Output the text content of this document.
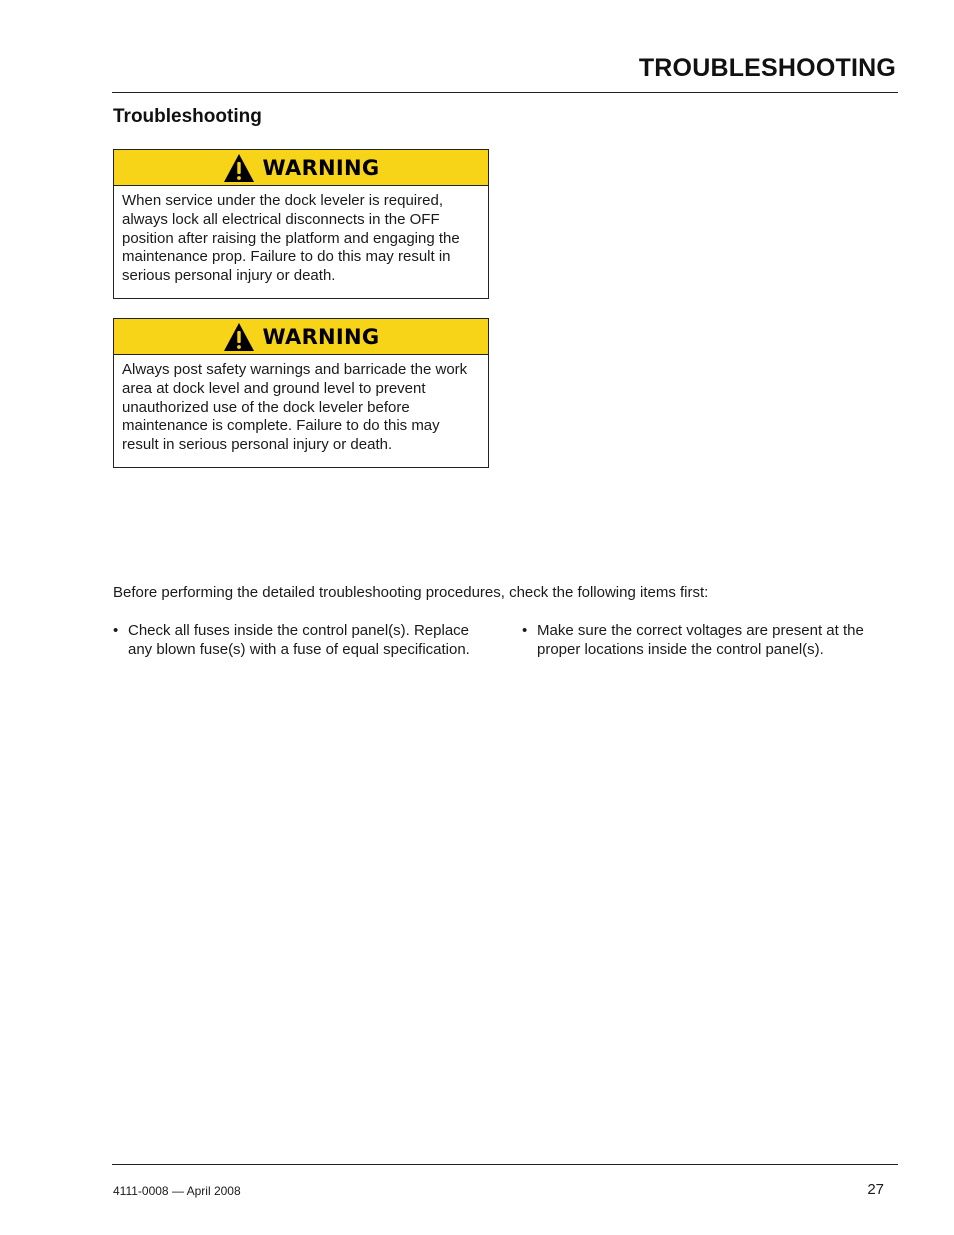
TROUBLESHOOTING
Troubleshooting
WARNING
When service under the dock leveler is required, always lock all electrical disconnects in the OFF position after raising the platform and engaging the maintenance prop. Failure to do this may result in serious personal injury or death.
WARNING
Always post safety warnings and barricade the work area at dock level and ground level to prevent unauthorized use of the dock leveler before maintenance is complete. Failure to do this may result in serious personal injury or death.
Before performing the detailed troubleshooting procedures, check the following items first:
• Check all fuses inside the control panel(s). Replace any blown fuse(s) with a fuse of equal specification.
• Make sure the correct voltages are present at the proper locations inside the control panel(s).
4111-0008 — April 2008	27
